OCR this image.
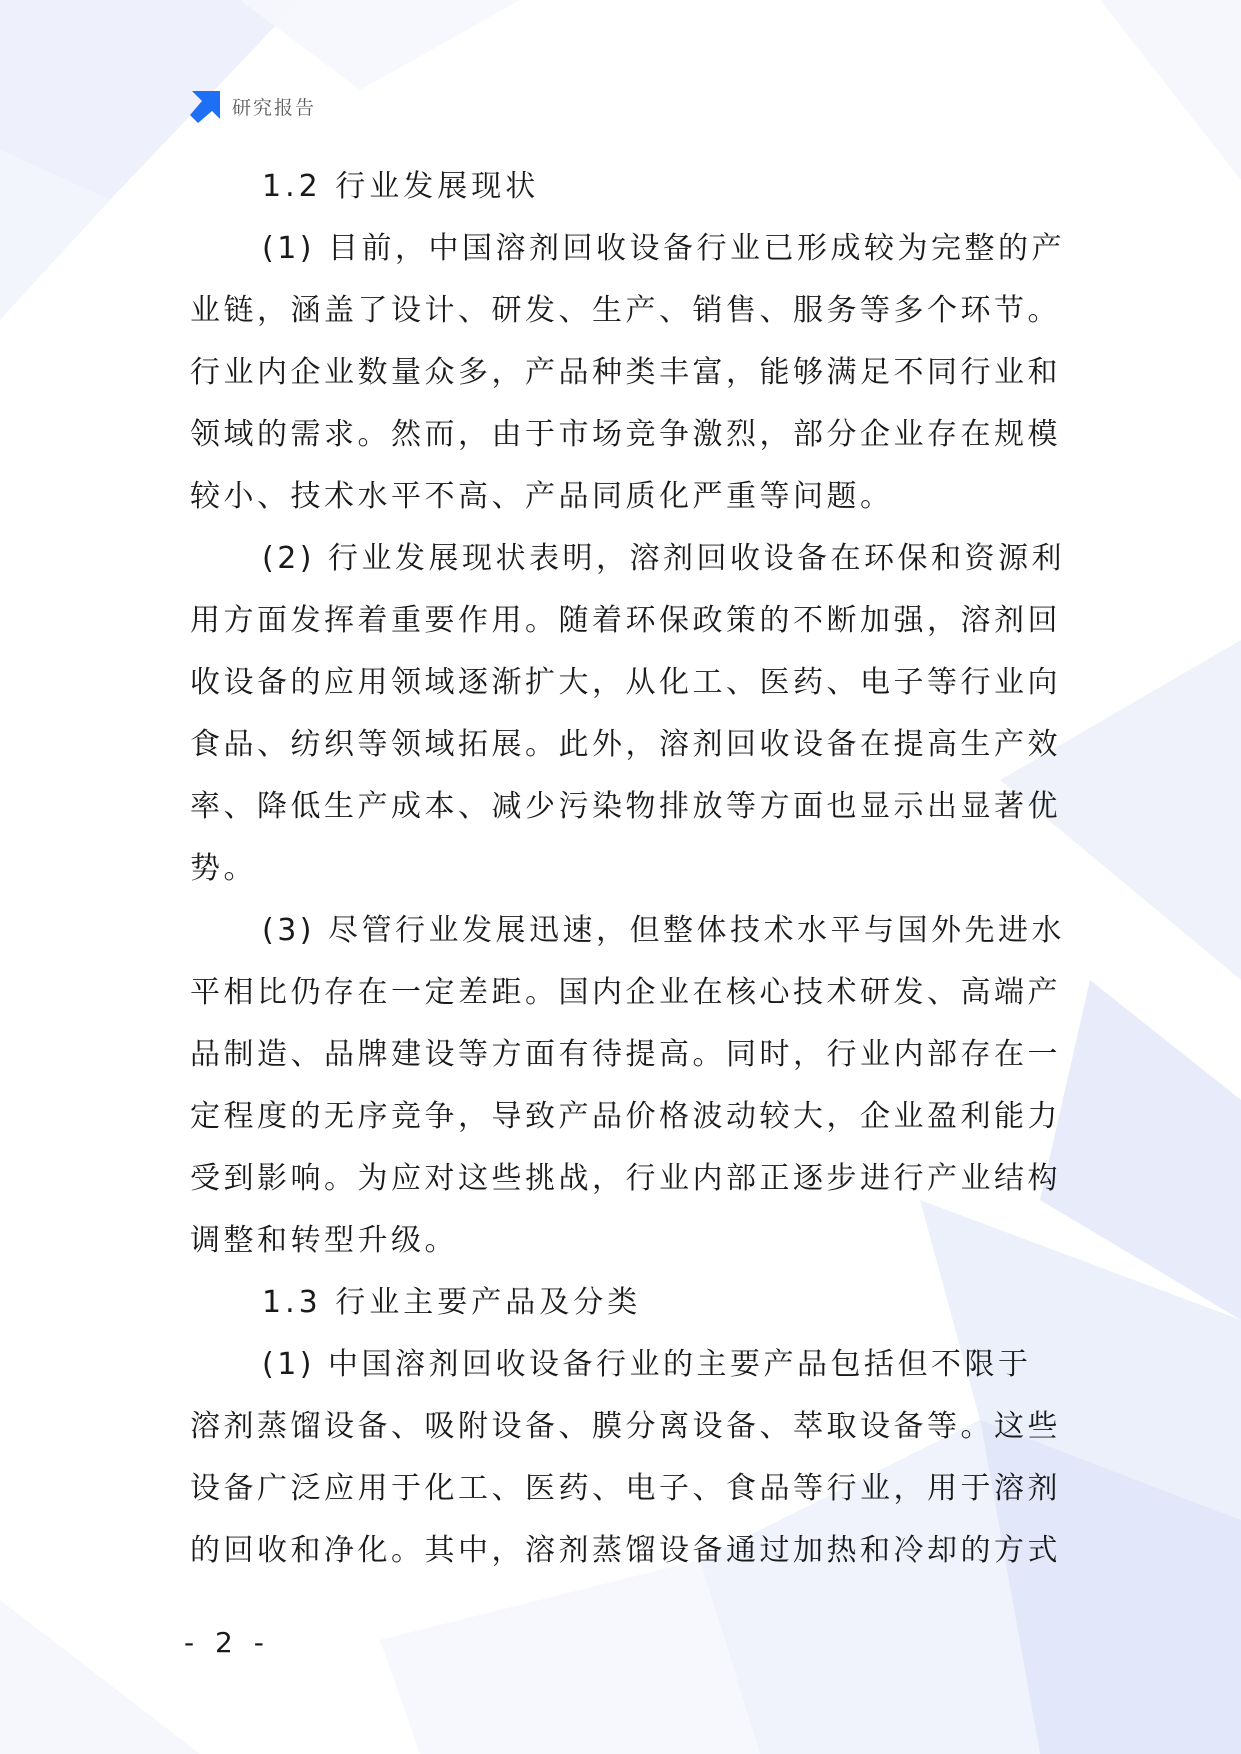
研究报告
1.2 行业发展现状

(1) 目前，中国溶剂回收设备行业已形成较为完整的产
业链，涵盖了设计、研发、生产、销售、服务等多个环节。
行业内企业数量众多，产品种类丰富，能够满足不同行业和
领域的需求。然而，由于市场竞争激烈，部分企业存在规模
较小、技术水平不高、产品同质化严重等问题。

(2) 行业发展现状表明，溶剂回收设备在环保和资源利
用方面发挥着重要作用。随着环保政策的不断加强，溶剂回
收设备的应用领域逐渐扩大，从化工、医药、电子等行业向
食品、纺织等领域拓展。此外，溶剂回收设备在提高生产效
率、降低生产成本、减少污染物排放等方面也显示出显著优
势。

(3) 尽管行业发展迅速，但整体技术水平与国外先进水
平相比仍存在一定差距。国内企业在核心技术研发、高端产
品制造、品牌建设等方面有待提高。同时，行业内部存在一
定程度的无序竞争，导致产品价格波动较大，企业盈利能力
受到影响。为应对这些挑战，行业内部正逐步进行产业结构
调整和转型升级。

1.3 行业主要产品及分类

(1) 中国溶剂回收设备行业的主要产品包括但不限于
溶剂蒸馏设备、吸附设备、膜分离设备、萃取设备等。这些
设备广泛应用于化工、医药、电子、食品等行业，用于溶剂
的回收和净化。其中，溶剂蒸馏设备通过加热和冷却的方式

- 2 -
